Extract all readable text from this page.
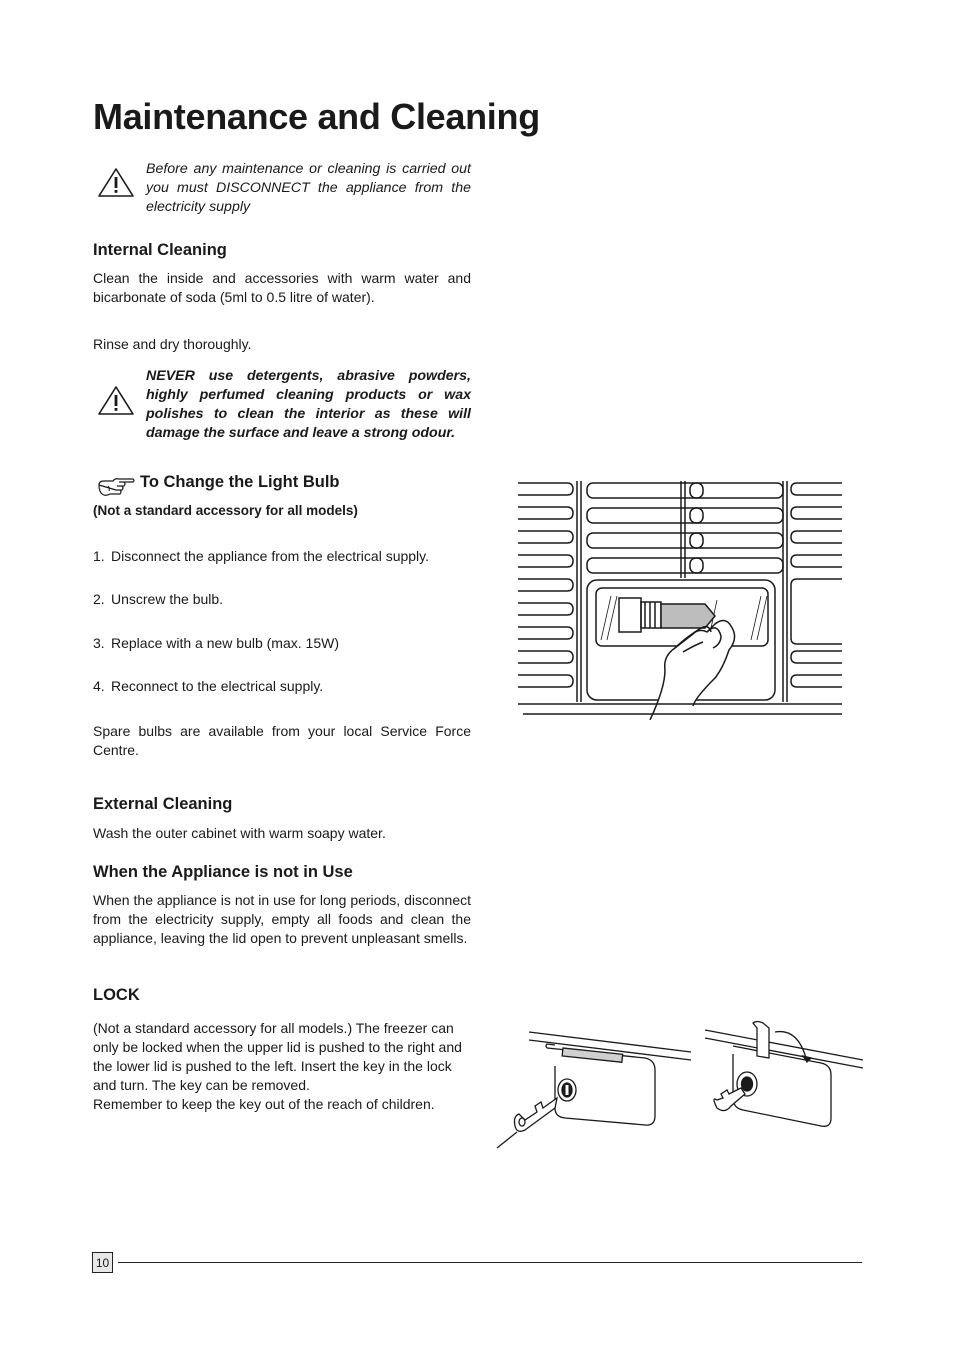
Maintenance and Cleaning
Before any maintenance or cleaning is carried out you must DISCONNECT the appliance from the electricity supply
Internal Cleaning

Clean the inside and accessories with warm water and bicarbonate of soda (5ml to 0.5 litre of water).

Rinse and dry thoroughly.

NEVER use detergents, abrasive powders, highly perfumed cleaning products or wax polishes to clean the interior as these will damage the surface and leave a strong odour.
To Change the Light Bulb
(Not a standard accessory for all models)
1. Disconnect the appliance from the electrical supply.
2. Unscrew the bulb.
3. Replace with a new bulb (max. 15W)
4. Reconnect to the electrical supply.

Spare bulbs are available from your local Service Force Centre.

External Cleaning

Wash the outer cabinet with warm soapy water.

When the Appliance is not in Use

When the appliance is not in use for long periods, disconnect from the electricity supply, empty all foods and clean the appliance, leaving the lid open to prevent unpleasant smells.

LOCK

(Not a standard accessory for all models.) The freezer can only be locked when the upper lid is pushed to the right and the lower lid is pushed to the left. Insert the key in the lock and turn. The key can be removed.
Remember to keep the key out of the reach of children.

10
